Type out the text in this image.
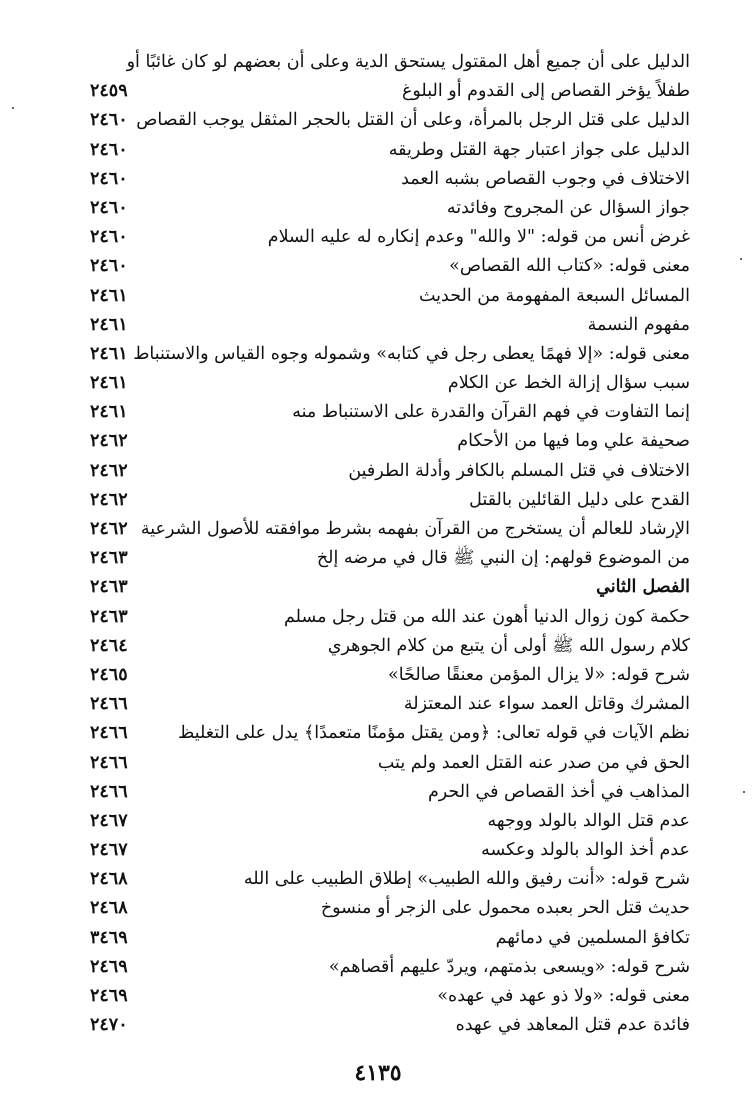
الدليل على أن جميع أهل المقتول يستحق الدية وعلى أن بعضهم لو كان غائبًا أو
طفلاً يؤخر القصاص إلى القدوم أو البلوغ
٢٤٥٩
الدليل على قتل الرجل بالمرأة، وعلى أن القتل بالحجر المثقل يوجب القصاص
٢٤٦٠
الدليل على جواز اعتبار جهة القتل وطريقه
٢٤٦٠
الاختلاف في وجوب القصاص بشبه العمد
٢٤٦٠
جواز السؤال عن المجروح وفائدته
٢٤٦٠
غرض أنس من قوله: "لا والله" وعدم إنكاره له عليه السلام
٢٤٦٠
معنى قوله: «كتاب الله القصاص»
٢٤٦٠
المسائل السبعة المفهومة من الحديث
٢٤٦١
مفهوم النسمة
٢٤٦١
معنى قوله: «إلا فهمًا يعطى رجل في كتابه» وشموله وجوه القياس والاستنباط
٢٤٦١
سبب سؤال إزالة الخط عن الكلام
٢٤٦١
إنما التفاوت في فهم القرآن والقدرة على الاستنباط منه
٢٤٦١
صحيفة علي وما فيها من الأحكام
٢٤٦٢
الاختلاف في قتل المسلم بالكافر وأدلة الطرفين
٢٤٦٢
القدح على دليل القائلين بالقتل
٢٤٦٢
الإرشاد للعالم أن يستخرج من القرآن بفهمه بشرط موافقته للأصول الشرعية
٢٤٦٢
من الموضوع قولهم: إن النبي ﷺ قال في مرضه إلخ
٢٤٦٣
الفصل الثاني
٢٤٦٣
حكمة كون زوال الدنيا أهون عند الله من قتل رجل مسلم
٢٤٦٣
كلام رسول الله ﷺ أولى أن يتبع من كلام الجوهري
٢٤٦٤
شرح قوله: «لا يزال المؤمن معنقًا صالحًا»
٢٤٦٥
المشرك وقاتل العمد سواء عند المعتزلة
٢٤٦٦
نظم الآيات في قوله تعالى: ﴿ومن يقتل مؤمنًا متعمدًا﴾ يدل على التغليظ
٢٤٦٦
الحق في من صدر عنه القتل العمد ولم يتب
٢٤٦٦
المذاهب في أخذ القصاص في الحرم
٢٤٦٦
عدم قتل الوالد بالولد ووجهه
٢٤٦٧
عدم أخذ الوالد بالولد وعكسه
٢٤٦٧
شرح قوله: «أنت رفيق والله الطبيب» إطلاق الطبيب على الله
٢٤٦٨
حديث قتل الحر بعبده محمول على الزجر أو منسوخ
٢٤٦٨
تكافؤ المسلمين في دمائهم
٣٤٦٩
شرح قوله: «ويسعى بذمتهم، ويردّ عليهم أقصاهم»
٢٤٦٩
معنى قوله: «ولا ذو عهد في عهده»
٢٤٦٩
فائدة عدم قتل المعاهد في عهده
٢٤٧٠
٤١٣٥
